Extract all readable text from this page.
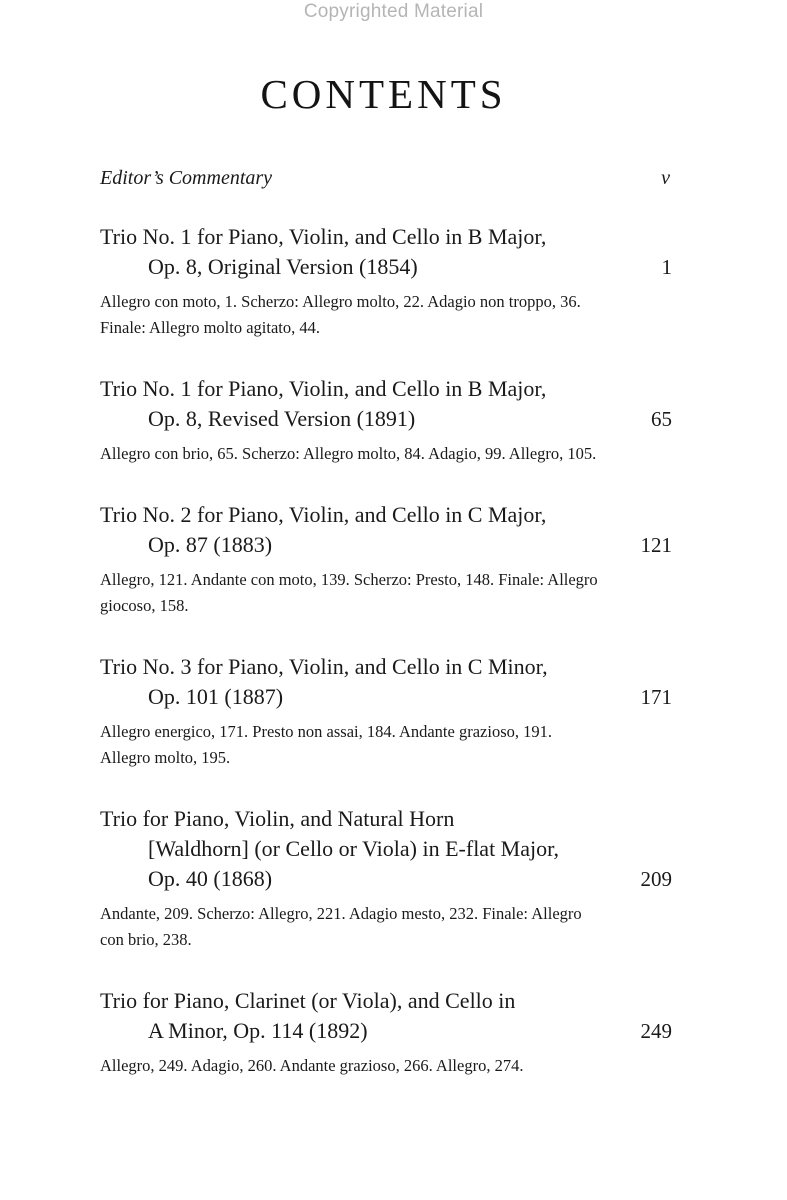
Copyrighted Material
CONTENTS
Editor’s Commentary	v
Trio No. 1 for Piano, Violin, and Cello in B Major,
Op. 8, Original Version (1854)	1
Allegro con moto, 1. Scherzo: Allegro molto, 22. Adagio non troppo, 36. Finale: Allegro molto agitato, 44.
Trio No. 1 for Piano, Violin, and Cello in B Major,
Op. 8, Revised Version (1891)	65
Allegro con brio, 65. Scherzo: Allegro molto, 84. Adagio, 99. Allegro, 105.
Trio No. 2 for Piano, Violin, and Cello in C Major,
Op. 87 (1883)	121
Allegro, 121. Andante con moto, 139. Scherzo: Presto, 148. Finale: Allegro giocoso, 158.
Trio No. 3 for Piano, Violin, and Cello in C Minor,
Op. 101 (1887)	171
Allegro energico, 171. Presto non assai, 184. Andante grazioso, 191. Allegro molto, 195.
Trio for Piano, Violin, and Natural Horn
[Waldhorn] (or Cello or Viola) in E-flat Major,
Op. 40 (1868)	209
Andante, 209. Scherzo: Allegro, 221. Adagio mesto, 232. Finale: Allegro con brio, 238.
Trio for Piano, Clarinet (or Viola), and Cello in
A Minor, Op. 114 (1892)	249
Allegro, 249. Adagio, 260. Andante grazioso, 266. Allegro, 274.
